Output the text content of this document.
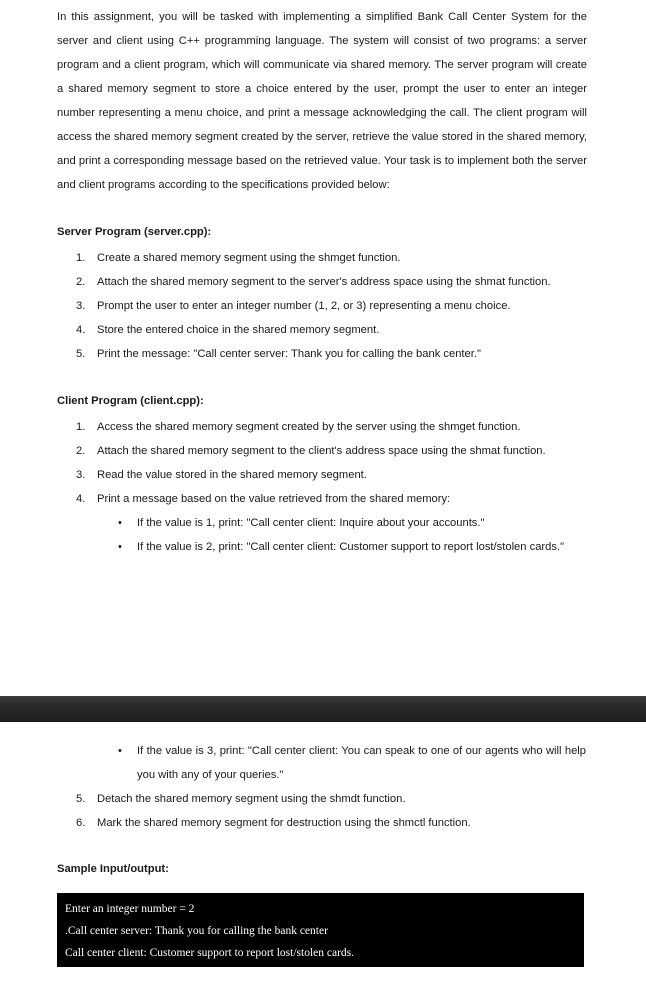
In this assignment, you will be tasked with implementing a simplified Bank Call Center System for the server and client using C++ programming language. The system will consist of two programs: a server program and a client program, which will communicate via shared memory. The server program will create a shared memory segment to store a choice entered by the user, prompt the user to enter an integer number representing a menu choice, and print a message acknowledging the call. The client program will access the shared memory segment created by the server, retrieve the value stored in the shared memory, and print a corresponding message based on the retrieved value. Your task is to implement both the server and client programs according to the specifications provided below:

Server Program (server.cpp):

1. Create a shared memory segment using the shmget function.
2. Attach the shared memory segment to the server's address space using the shmat function.
3. Prompt the user to enter an integer number (1, 2, or 3) representing a menu choice.
4. Store the entered choice in the shared memory segment.
5. Print the message: "Call center server: Thank you for calling the bank center."

Client Program (client.cpp):

1. Access the shared memory segment created by the server using the shmget function.
2. Attach the shared memory segment to the client's address space using the shmat function.
3. Read the value stored in the shared memory segment.
4. Print a message based on the value retrieved from the shared memory:
• If the value is 1, print: "Call center client: Inquire about your accounts."
• If the value is 2, print: "Call center client: Customer support to report lost/stolen cards."
• If the value is 3, print: "Call center client: You can speak to one of our agents who will help you with any of your queries."
5. Detach the shared memory segment using the shmdt function.
6. Mark the shared memory segment for destruction using the shmctl function.

Sample Input/output:

Enter an integer number = 2
.Call center server: Thank you for calling the bank center
Call center client: Customer support to report lost/stolen cards.
